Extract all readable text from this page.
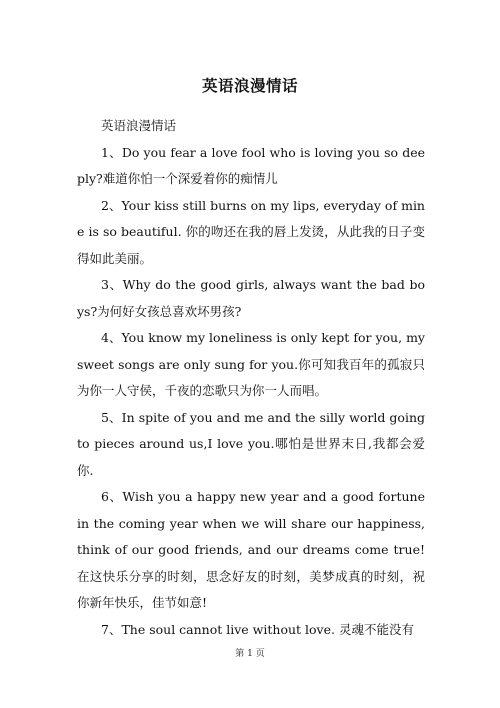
英语浪漫情话

英语浪漫情话

1、Do you fear a love fool who is loving you so deeply?难道你怕一个深爱着你的痴情儿

2、Your kiss still burns on my lips, everyday of mine is so beautiful. 你的吻还在我的唇上发烫，从此我的日子变得如此美丽。

3、Why do the good girls, always want the bad boys?为何好女孩总喜欢坏男孩?

4、You know my loneliness is only kept for you, my sweet songs are only sung for you.你可知我百年的孤寂只为你一人守侯，千夜的恋歌只为你一人而唱。

5、In spite of you and me and the silly world going to pieces around us,I love you.哪怕是世界末日,我都会爱你.

6、Wish you a happy new year and a good fortune in the coming year when we will share our happiness, think of our good friends, and our dreams come true!在这快乐分享的时刻，思念好友的时刻，美梦成真的时刻，祝你新年快乐，佳节如意!

7、The soul cannot live without love. 灵魂不能没有

第 1 页
